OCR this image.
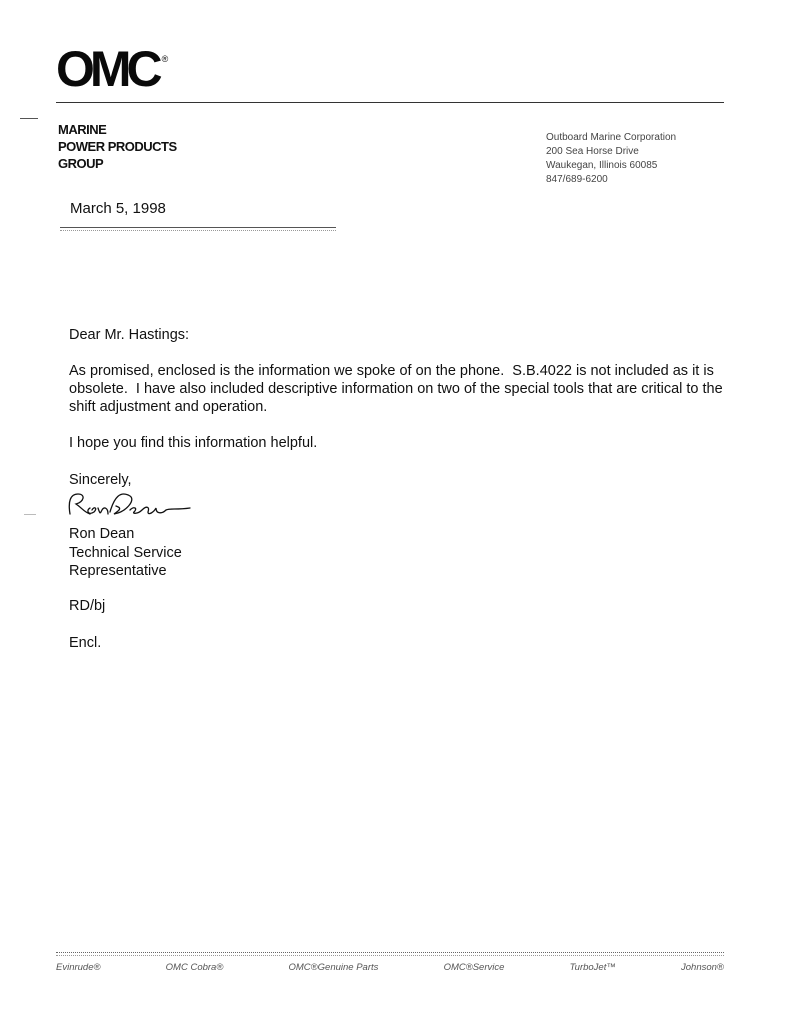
OMC ®
MARINE
POWER PRODUCTS
GROUP
Outboard Marine Corporation
200 Sea Horse Drive
Waukegan, Illinois 60085
847/689-6200
March 5, 1998
Dear Mr. Hastings:
As promised, enclosed is the information we spoke of on the phone.  S.B.4022 is not included as it is obsolete.  I have also included descriptive information on two of the special tools that are critical to the shift adjustment and operation.
I hope you find this information helpful.
Sincerely,
Ron Dean
Technical Service
Representative
RD/bj
Encl.
Evinrude®	OMC Cobra®	OMC®Genuine Parts	OMC®Service	TurboJet™	Johnson®
